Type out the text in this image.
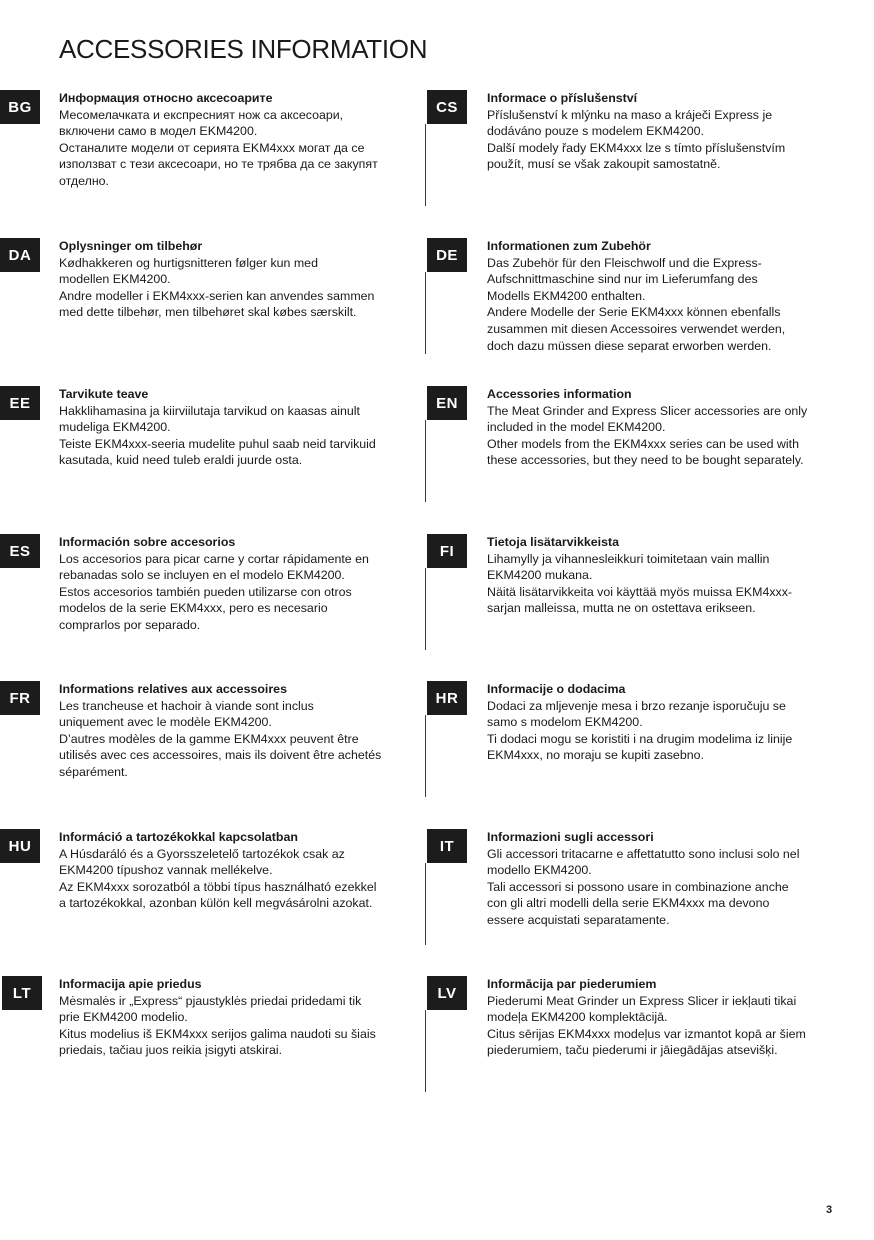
ACCESSORIES INFORMATION
BG

Информация относно аксесоарите

Месомелачката и експресният нож са аксесоари,
включени само в модел EKM4200.
Останалите модели от серията EKM4xxx могат да се
използват с тези аксесоари, но те трябва да се закупят
отделно.

DA

Oplysninger om tilbehør

Kødhakkeren og hurtigsnitteren følger kun med
modellen EKM4200.
Andre modeller i EKM4xxx-serien kan anvendes sammen
med dette tilbehør, men tilbehøret skal købes særskilt.

EE

Tarvikute teave

Hakklihamasina ja kiirviilutaja tarvikud on kaasas ainult
mudeliga EKM4200.
Teiste EKM4xxx-seeria mudelite puhul saab neid tarvikuid
kasutada, kuid need tuleb eraldi juurde osta.

ES

Información sobre accesorios

Los accesorios para picar carne y cortar rápidamente en
rebanadas solo se incluyen en el modelo EKM4200.
Estos accesorios también pueden utilizarse con otros
modelos de la serie EKM4xxx, pero es necesario
comprarlos por separado.

FR

Informations relatives aux accessoires

Les trancheuse et hachoir à viande sont inclus
uniquement avec le modèle EKM4200.
D’autres modèles de la gamme EKM4xxx peuvent être
utilisés avec ces accessoires, mais ils doivent être achetés
séparément.

HU

Információ a tartozékokkal kapcsolatban

A Húsdaráló és a Gyorsszeletelő tartozékok csak az
EKM4200 típushoz vannak mellékelve.
Az EKM4xxx sorozatból a többi típus használható ezekkel
a tartozékokkal, azonban külön kell megvásárolni azokat.

LT

Informacija apie priedus

Mėsmalės ir „Express“ pjaustyklės priedai pridedami tik
prie EKM4200 modelio.
Kitus modelius iš EKM4xxx serijos galima naudoti su šiais
priedais, tačiau juos reikia įsigyti atskirai.

CS

Informace o příslušenství

Příslušenství k mlýnku na maso a kráječi Express je
dodáváno pouze s modelem EKM4200.
Další modely řady EKM4xxx lze s tímto příslušenstvím
použít, musí se však zakoupit samostatně.

DE

Informationen zum Zubehör

Das Zubehör für den Fleischwolf und die Express-
Aufschnittmaschine sind nur im Lieferumfang des
Modells EKM4200 enthalten.
Andere Modelle der Serie EKM4xxx können ebenfalls
zusammen mit diesen Accessoires verwendet werden,
doch dazu müssen diese separat erworben werden.

EN

Accessories information

The Meat Grinder and Express Slicer accessories are only
included in the model EKM4200.
Other models from the EKM4xxx series can be used with
these accessories, but they need to be bought separately.

FI

Tietoja lisätarvikkeista

Lihamylly ja vihannesleikkuri toimitetaan vain mallin
EKM4200 mukana.
Näitä lisätarvikkeita voi käyttää myös muissa EKM4xxx-
sarjan malleissa, mutta ne on ostettava erikseen.

HR

Informacije o dodacima

Dodaci za mljevenje mesa i brzo rezanje isporučuju se
samo s modelom EKM4200.
Ti dodaci mogu se koristiti i na drugim modelima iz linije
EKM4xxx, no moraju se kupiti zasebno.

IT

Informazioni sugli accessori

Gli accessori tritacarne e affettatutto sono inclusi solo nel
modello EKM4200.
Tali accessori si possono usare in combinazione anche
con gli altri modelli della serie EKM4xxx ma devono
essere acquistati separatamente.

LV

Informācija par piederumiem

Piederumi Meat Grinder un Express Slicer ir iekļauti tikai
modeļa EKM4200 komplektācijā.
Citus sērijas EKM4xxx modeļus var izmantot kopā ar šiem
piederumiem, taču piederumi ir jāiegādājas atsevišķi.

3
